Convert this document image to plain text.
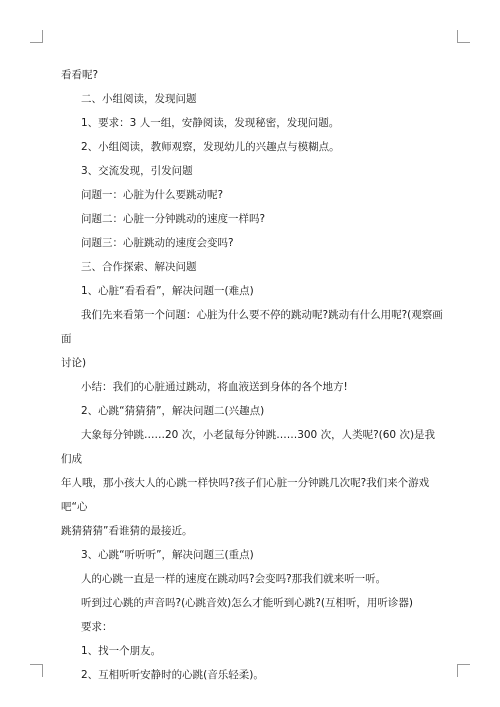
看看呢?

二、小组阅读，发现问题

1、要求：3 人一组，安静阅读，发现秘密，发现问题。

2、小组阅读，教师观察，发现幼儿的兴趣点与模糊点。

3、交流发现，引发问题

问题一：心脏为什么要跳动呢?

问题二：心脏一分钟跳动的速度一样吗?

问题三：心脏跳动的速度会变吗?

三、合作探索、解决问题

1、心脏“看看看”，解决问题一(难点)

我们先来看第一个问题：心脏为什么要不停的跳动呢?跳动有什么用呢?(观察画面

讨论)

小结：我们的心脏通过跳动，将血液送到身体的各个地方!

2、心跳“猜猜猜”，解决问题二(兴趣点)

大象每分钟跳……20 次，小老鼠每分钟跳……300 次，人类呢?(60 次)是我们成

年人哦，那小孩大人的心跳一样快吗?孩子们心脏一分钟跳几次呢?我们来个游戏吧“心

跳猜猜猜”看谁猜的最接近。

3、心跳“听听听”，解决问题三(重点)

人的心跳一直是一样的速度在跳动吗?会变吗?那我们就来听一听。

听到过心跳的声音吗?(心跳音效)怎么才能听到心跳?(互相听，用听诊器)

要求：

1、找一个朋友。

2、互相听听安静时的心跳(音乐轻柔)。
